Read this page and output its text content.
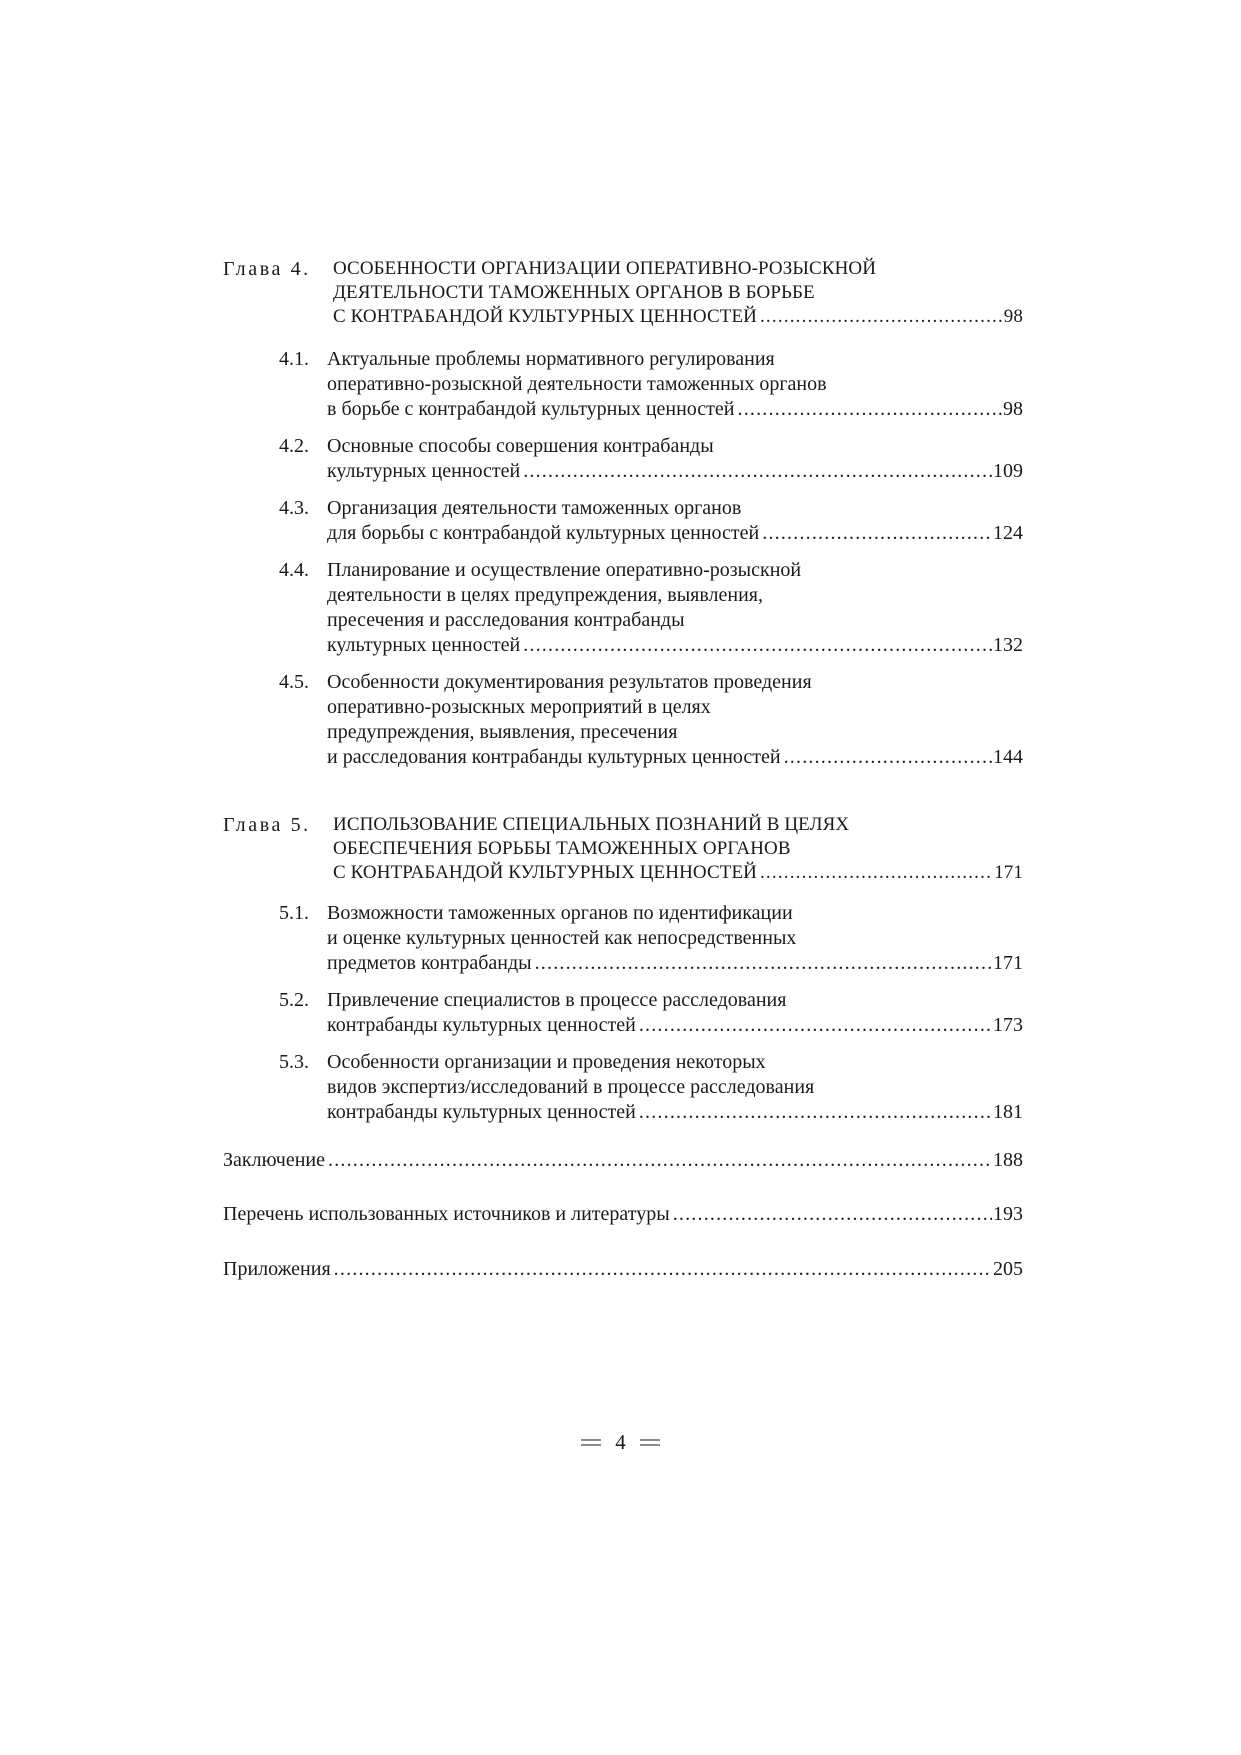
Глава 4. ОСОБЕННОСТИ ОРГАНИЗАЦИИ ОПЕРАТИВНО-РОЗЫСКНОЙ
ДЕЯТЕЛЬНОСТИ ТАМОЖЕННЫХ ОРГАНОВ В БОРЬБЕ
С КОНТРАБАНДОЙ КУЛЬТУРНЫХ ЦЕННОСТЕЙ .....	98
4.1. Актуальные проблемы нормативного регулирования
оперативно-розыскной деятельности таможенных органов
в борьбе с контрабандой культурных ценностей .....	98
4.2. Основные способы совершения контрабанды
культурных ценностей .....	109
4.3. Организация деятельности таможенных органов
для борьбы с контрабандой культурных ценностей .....	124
4.4. Планирование и осуществление оперативно-розыскной
деятельности в целях предупреждения, выявления,
пресечения и расследования контрабанды
культурных ценностей .....	132
4.5. Особенности документирования результатов проведения
оперативно-розыскных мероприятий в целях
предупреждения, выявления, пресечения
и расследования контрабанды культурных ценностей .....	144
Глава 5. ИСПОЛЬЗОВАНИЕ СПЕЦИАЛЬНЫХ ПОЗНАНИЙ В ЦЕЛЯХ
ОБЕСПЕЧЕНИЯ БОРЬБЫ ТАМОЖЕННЫХ ОРГАНОВ
С КОНТРАБАНДОЙ КУЛЬТУРНЫХ ЦЕННОСТЕЙ .....	171
5.1. Возможности таможенных органов по идентификации
и оценке культурных ценностей как непосредственных
предметов контрабанды .....	171
5.2. Привлечение специалистов в процессе расследования
контрабанды культурных ценностей .....	173
5.3. Особенности организации и проведения некоторых
видов экспертиз/исследований в процессе расследования
контрабанды культурных ценностей .....	181
Заключение .....	188
Перечень использованных источников и литературы .....	193
Приложения .....	205
4
